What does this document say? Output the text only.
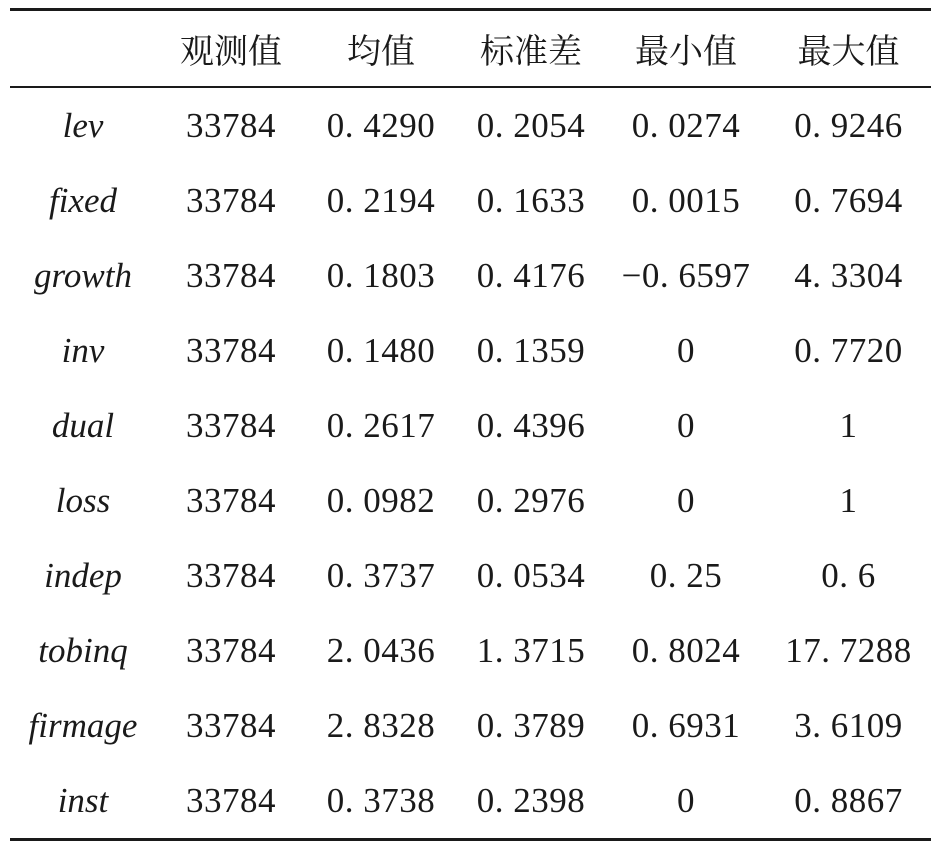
	观测值	均值	标准差	最小值	最大值
lev	33784	0. 4290	0. 2054	0. 0274	0. 9246
fixed	33784	0. 2194	0. 1633	0. 0015	0. 7694
growth	33784	0. 1803	0. 4176	−0. 6597	4. 3304
inv	33784	0. 1480	0. 1359	0	0. 7720
dual	33784	0. 2617	0. 4396	0	1
loss	33784	0. 0982	0. 2976	0	1
indep	33784	0. 3737	0. 0534	0. 25	0. 6
tobinq	33784	2. 0436	1. 3715	0. 8024	17. 7288
firmage	33784	2. 8328	0. 3789	0. 6931	3. 6109
inst	33784	0. 3738	0. 2398	0	0. 8867
